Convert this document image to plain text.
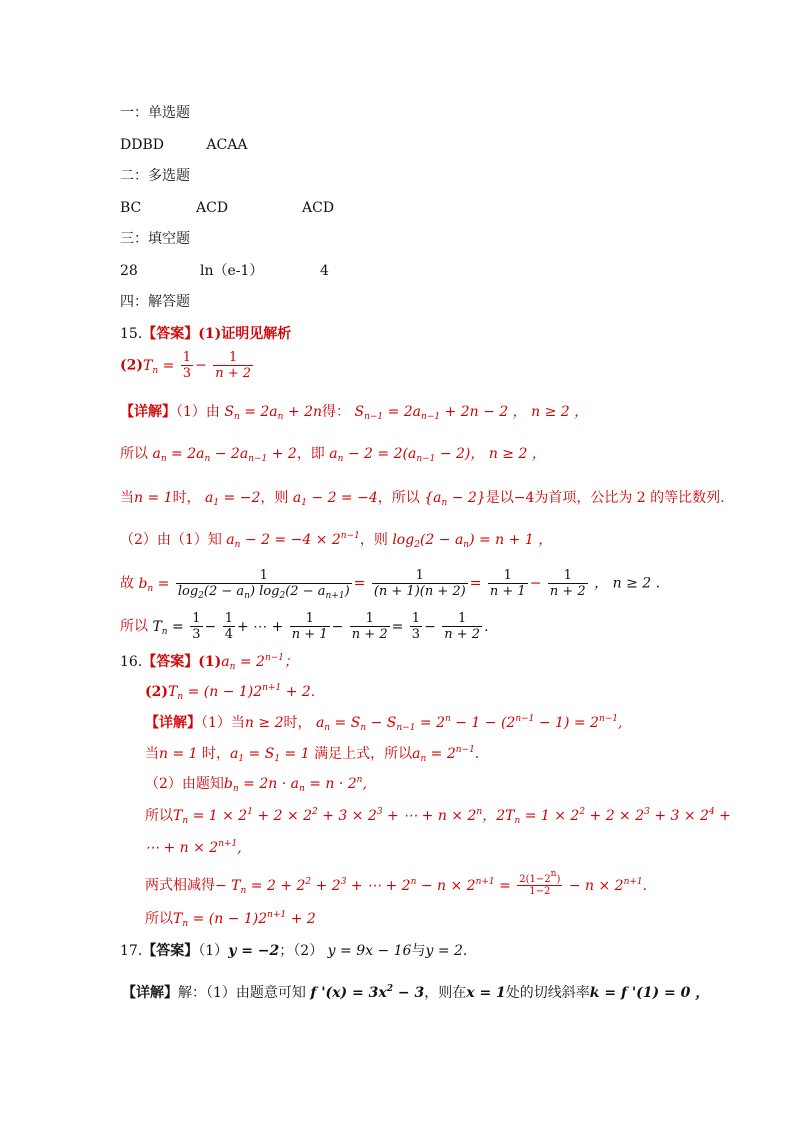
一：单选题
DDBD	ACAA
二：多选题
BC	ACD	ACD
三：填空题
28	ln（e-1）	4
四：解答题
15.【答案】(1)证明见解析
$(2)T_n = \frac{1}{3} - \frac{1}{n + 2}$
【详解】（1）由 $S_n = 2a_n + 2n$得： $S_{n-1} = 2a_{n-1} + 2n - 2$ ， n ≥ 2 ，
所以 $a_n = 2a_n - 2a_{n-1} + 2$，即 $a_n - 2 = 2(a_{n-1} - 2)$， n ≥ 2 ，
当n = 1时， $a_1 = -2$，则 $a_1 - 2 = -4$，所以 $\{a_n - 2\}$是以−4为首项，公比为 2 的等比数列.
（2）由（1）知 $a_n - 2 = -4 \times 2^{n-1}$，则 $\log_2(2 - a_n) = n + 1$ ，
故 $b_n = \frac{1}{\log_2(2 - a_n) \log_2(2 - a_{n+1})} = \frac{1}{(n + 1)(n + 2)} = \frac{1}{n + 1} - \frac{1}{n + 2}$ ， n ≥ 2 .
所以 $T_n = \frac{1}{3} - \frac{1}{4}$ + ⋯ + $\frac{1}{n + 1} - \frac{1}{n + 2} = \frac{1}{3} - \frac{1}{n + 2}$ .
16.【答案】$(1)a_n = 2^{n-1}$；
$(2)T_n = (n - 1)2^{n+1} + 2$.
【详解】（1）当n ≥ 2时， $a_n = S_n - S_{n-1} = 2^n - 1 - (2^{n-1} - 1) = 2^{n-1}$,
当n = 1 时，$a_1 = S_1 = 1$ 满足上式，所以$a_n = 2^{n-1}$.
（2）由题知$b_n = 2n \cdot a_n = n \cdot 2^n$,
所以$T_n = 1 \times 2^1 + 2 \times 2^2 + 3 \times 2^3$ + ⋯ + $n \times 2^n$，$2T_n = 1 \times 2^2 + 2 \times 2^3 + 3 \times 2^4$ +
⋯ + $n \times 2^{n+1}$,
两式相减得− $T_n = 2 + 2^2 + 2^3$ + ⋯ + $2^n - n \times 2^{n+1} = \frac{2(1-2^n)}{1-2} - n \times 2^{n+1}$.
所以$T_n = (n - 1)2^{n+1} + 2$
17.【答案】（1）y = −2；（2） y = 9x − 16与y = 2.
【详解】解：（1）由题意可知 f '$(x) = 3x^2 - 3$，则在x = 1处的切线斜率k = f '(1) = 0 ，
